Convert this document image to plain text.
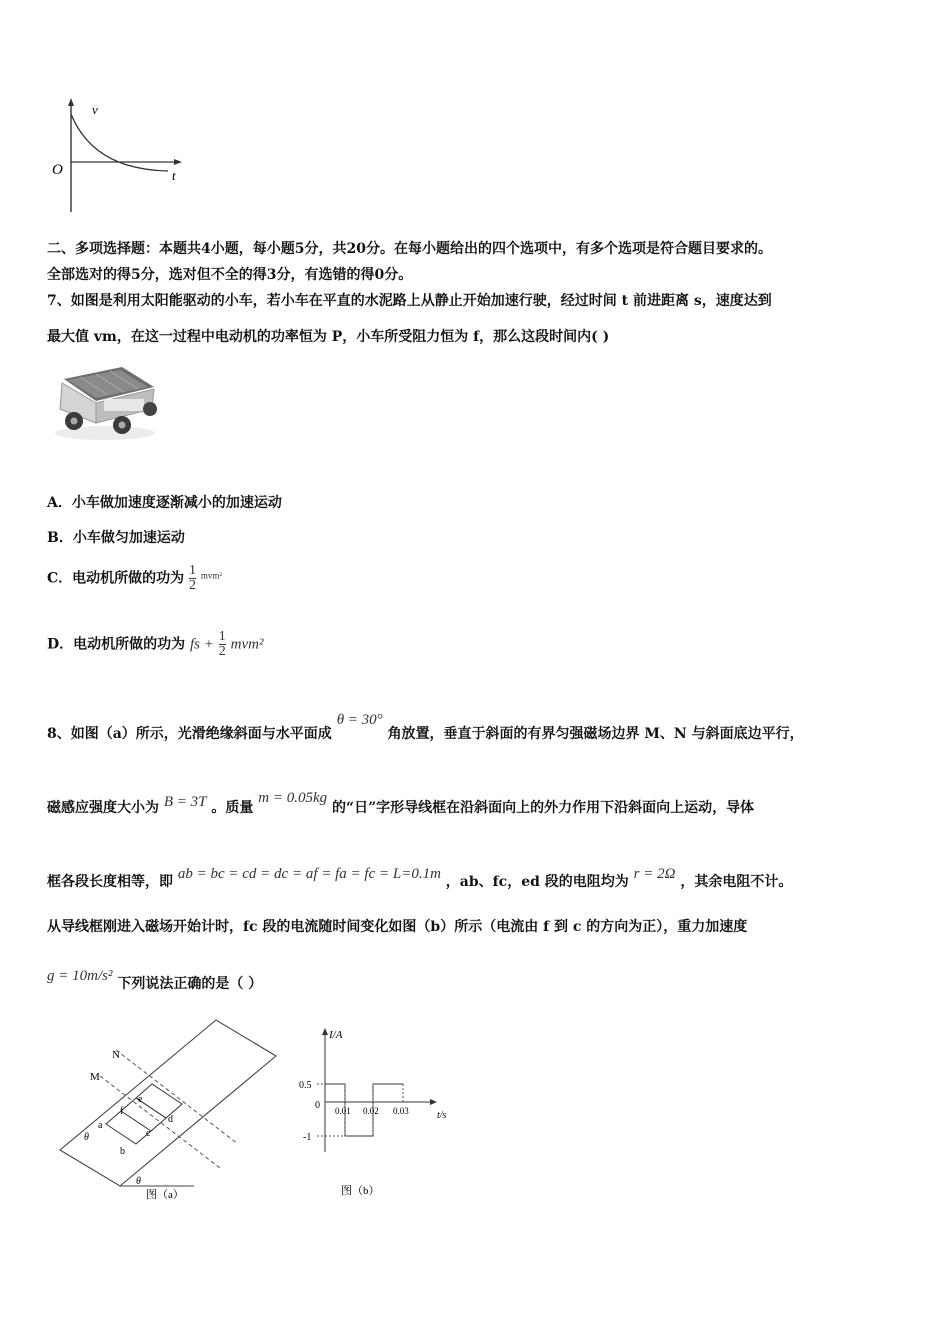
v
t
O
二、多项选择题：本题共4小题，每小题5分，共20分。在每小题给出的四个选项中，有多个选项是符合题目要求的。
全部选对的得5分，选对但不全的得3分，有选错的得0分。
7、如图是利用太阳能驱动的小车，若小车在平直的水泥路上从静止开始加速行驶，经过时间 t 前进距离 s，速度达到
最大值 vm，在这一过程中电动机的功率恒为 P，小车所受阻力恒为 f，那么这段时间内( )
A．小车做加速度逐渐减小的加速运动
B．小车做匀加速运动
C．电动机所做的功为 $\frac{1}{2} ^{mvm^2}$
D．电动机所做的功为 fs + $\frac{1}{2} mvm^2$
8、如图（a）所示，光滑绝缘斜面与水平面成 θ = 30° 角放置，垂直于斜面的有界匀强磁场边界 M、N 与斜面底边平行，
磁感应强度大小为 B = 3T 。质量 m = 0.05kg 的“日”字形导线框在沿斜面向上的外力作用下沿斜面向上运动，导体
框各段长度相等，即 ab = bc = cd = dc = af = fa = fc = L=0.1m ，ab、fc，ed 段的电阻均为 r = 2Ω ，其余电阻不计。
从导线框刚进入磁场开始计时，fc 段的电流随时间变化如图（b）所示（电流由 f 到 c 的方向为正），重力加速度
g = 10m/s² 下列说法正确的是（ ）
N
M
a
b
c
d
e
f
θ
θ
图（a）
I/A
t/s
0
0.5
-1
0.01 0.02 0.03
图（b）
